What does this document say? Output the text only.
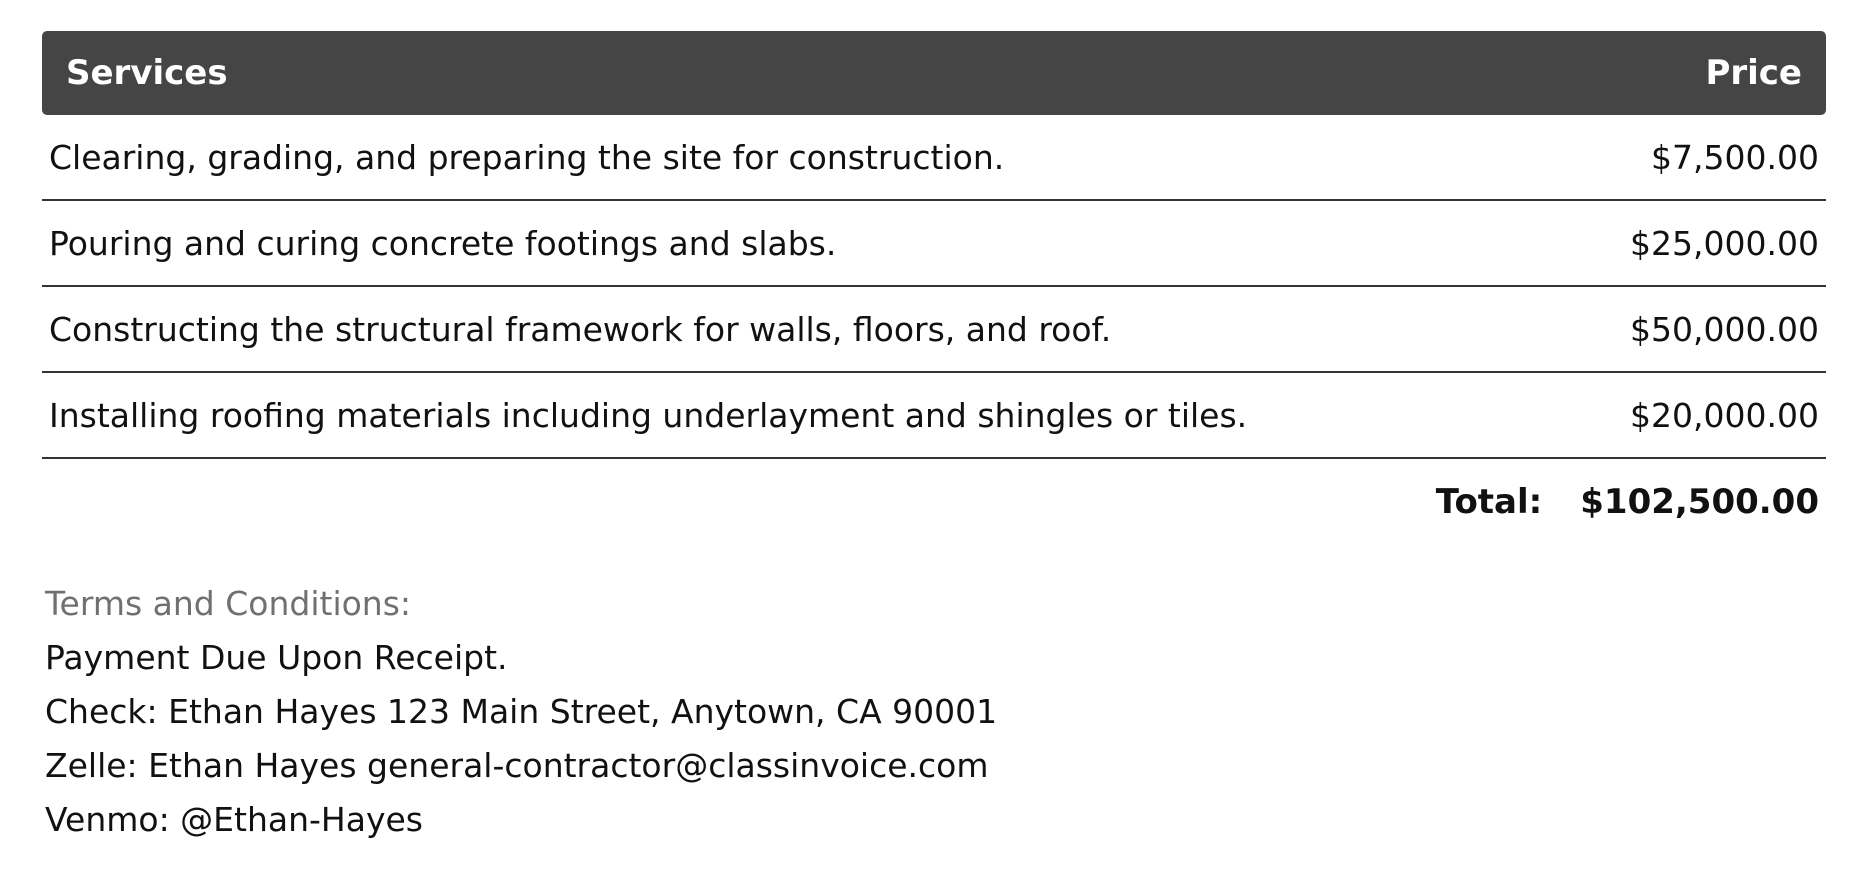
Services	Price
Clearing, grading, and preparing the site for construction.	$7,500.00
Pouring and curing concrete footings and slabs.	$25,000.00
Constructing the structural framework for walls, floors, and roof.	$50,000.00
Installing roofing materials including underlayment and shingles or tiles.	$20,000.00
Total: $102,500.00
Terms and Conditions:
Payment Due Upon Receipt.
Check: Ethan Hayes 123 Main Street, Anytown, CA 90001
Zelle: Ethan Hayes general-contractor@classinvoice.com
Venmo: @Ethan-Hayes
